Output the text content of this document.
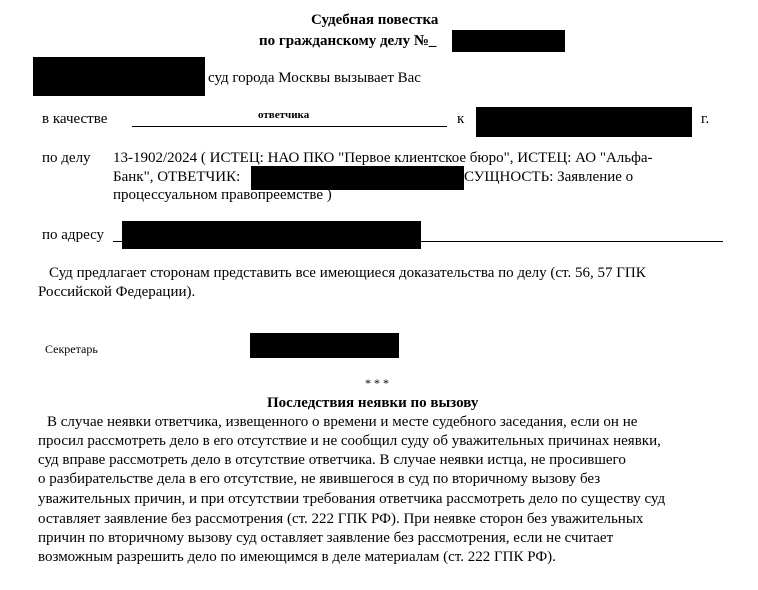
Судебная повестка
по гражданскому делу №_
суд города Москвы вызывает Вас
в качестве	ответчика	к	г.
по делу 13-1902/2024 ( ИСТЕЦ: НАО ПКО "Первое клиентское бюро", ИСТЕЦ: АО "Альфа-
Банк", ОТВЕТЧИК:	СУЩНОСТЬ: Заявление о
процессуальном правопреемстве )
по адресу
Суд предлагает сторонам представить все имеющиеся доказательства по делу (ст. 56, 57 ГПК
Российской Федерации).
Секретарь
* * *
Последствия неявки по вызову
В случае неявки ответчика, извещенного о времени и месте судебного заседания, если он не
просил рассмотреть дело в его отсутствие и не сообщил суду об уважительных причинах неявки,
суд вправе рассмотреть дело в отсутствие ответчика. В случае неявки истца, не просившего
о разбирательстве дела в его отсутствие, не явившегося в суд по вторичному вызову без
уважительных причин, и при отсутствии требования ответчика рассмотреть дело по существу суд
оставляет заявление без рассмотрения (ст. 222 ГПК РФ). При неявке сторон без уважительных
причин по вторичному вызову суд оставляет заявление без рассмотрения, если не считает
возможным разрешить дело по имеющимся в деле материалам (ст. 222 ГПК РФ).
